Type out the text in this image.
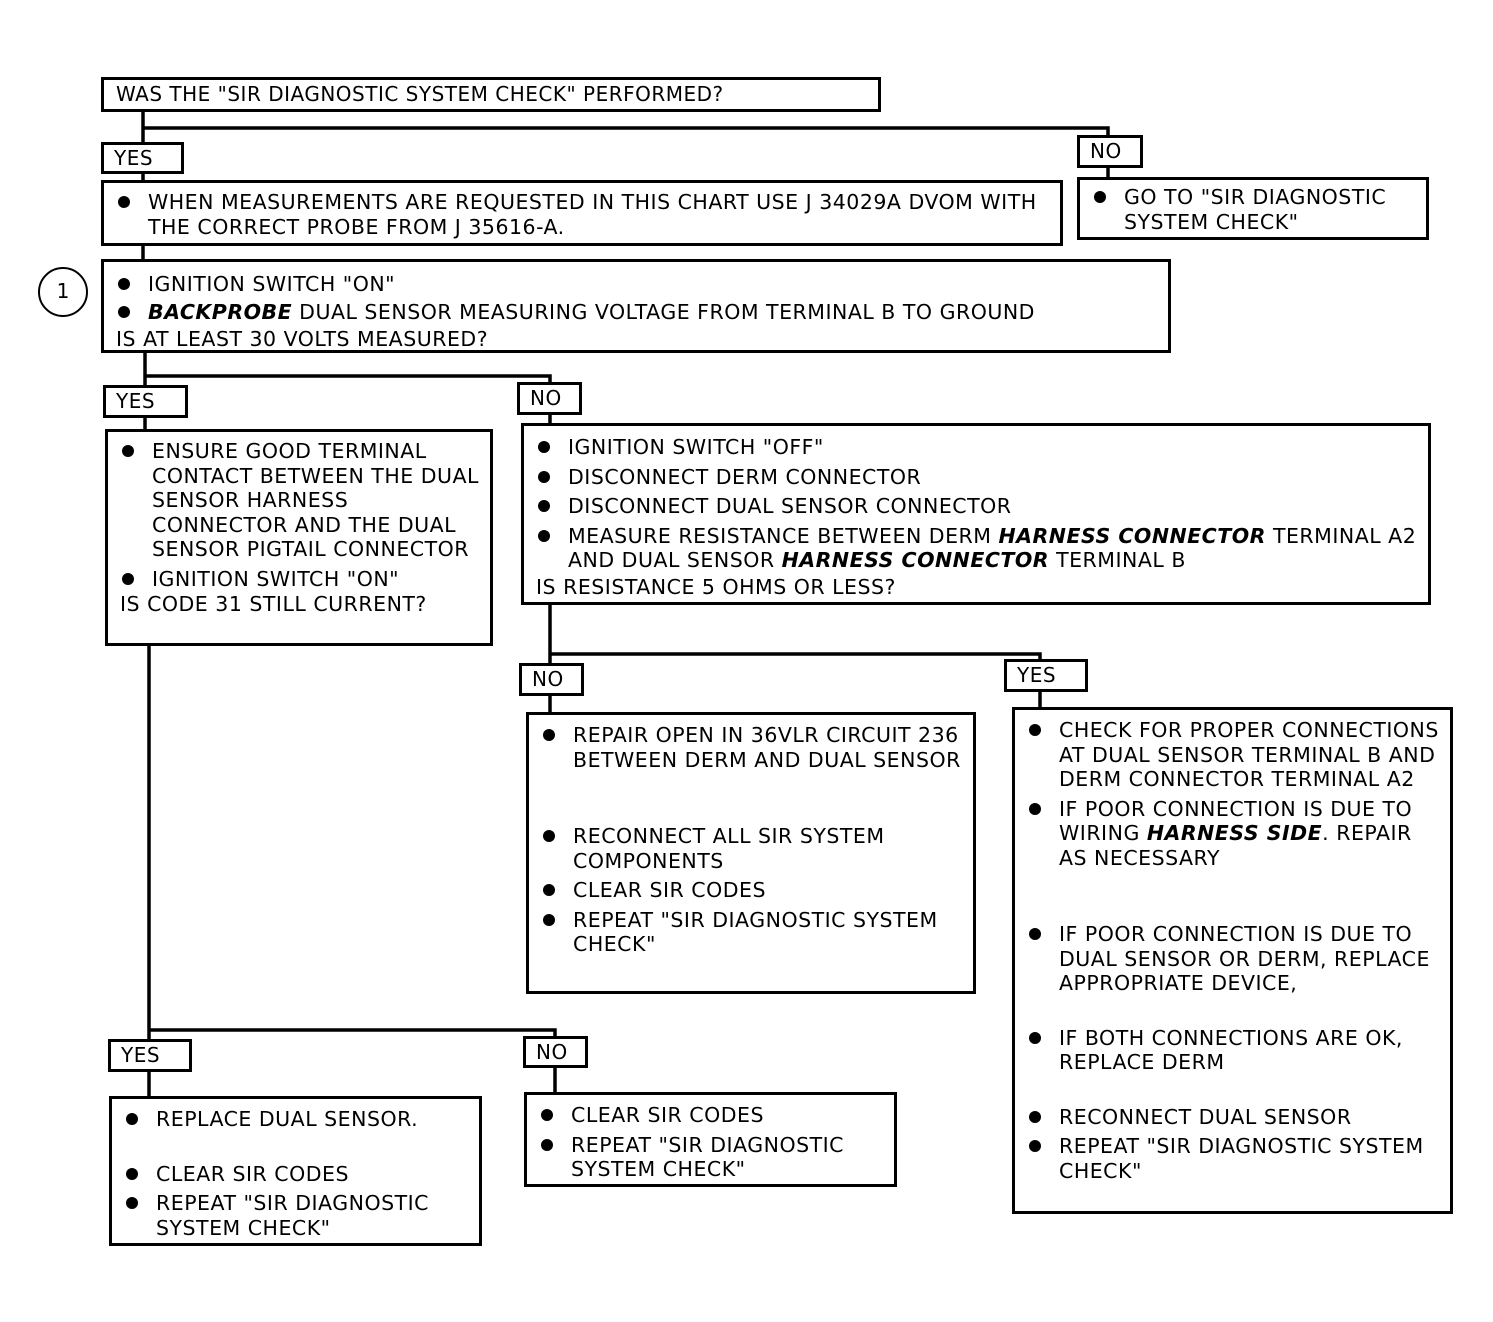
WAS THE "SIR DIAGNOSTIC SYSTEM CHECK" PERFORMED?
YES	NO
WHEN MEASUREMENTS ARE REQUESTED IN THIS CHART USE J 34029A DVOM WITH THE CORRECT PROBE FROM J 35616-A.
GO TO "SIR DIAGNOSTIC SYSTEM CHECK"
1	IGNITION SWITCH "ON"
BACKPROBE DUAL SENSOR MEASURING VOLTAGE FROM TERMINAL B TO GROUND
IS AT LEAST 30 VOLTS MEASURED?
YES	NO
ENSURE GOOD TERMINAL CONTACT BETWEEN THE DUAL SENSOR HARNESS CONNECTOR AND THE DUAL SENSOR PIGTAIL CONNECTOR
IGNITION SWITCH "ON"
IS CODE 31 STILL CURRENT?
IGNITION SWITCH "OFF"
DISCONNECT DERM CONNECTOR
DISCONNECT DUAL SENSOR CONNECTOR
MEASURE RESISTANCE BETWEEN DERM HARNESS CONNECTOR TERMINAL A2 AND DUAL SENSOR HARNESS CONNECTOR TERMINAL B
IS RESISTANCE 5 OHMS OR LESS?
NO	YES
REPAIR OPEN IN 36VLR CIRCUIT 236 BETWEEN DERM AND DUAL SENSOR
RECONNECT ALL SIR SYSTEM COMPONENTS
CLEAR SIR CODES
REPEAT "SIR DIAGNOSTIC SYSTEM CHECK"
CHECK FOR PROPER CONNECTIONS AT DUAL SENSOR TERMINAL B AND DERM CONNECTOR TERMINAL A2
IF POOR CONNECTION IS DUE TO WIRING HARNESS SIDE. REPAIR AS NECESSARY
IF POOR CONNECTION IS DUE TO DUAL SENSOR OR DERM, REPLACE APPROPRIATE DEVICE,
IF BOTH CONNECTIONS ARE OK, REPLACE DERM
RECONNECT DUAL SENSOR
REPEAT "SIR DIAGNOSTIC SYSTEM CHECK"
YES	NO
REPLACE DUAL SENSOR.
CLEAR SIR CODES
REPEAT "SIR DIAGNOSTIC SYSTEM CHECK"
CLEAR SIR CODES
REPEAT "SIR DIAGNOSTIC SYSTEM CHECK"
